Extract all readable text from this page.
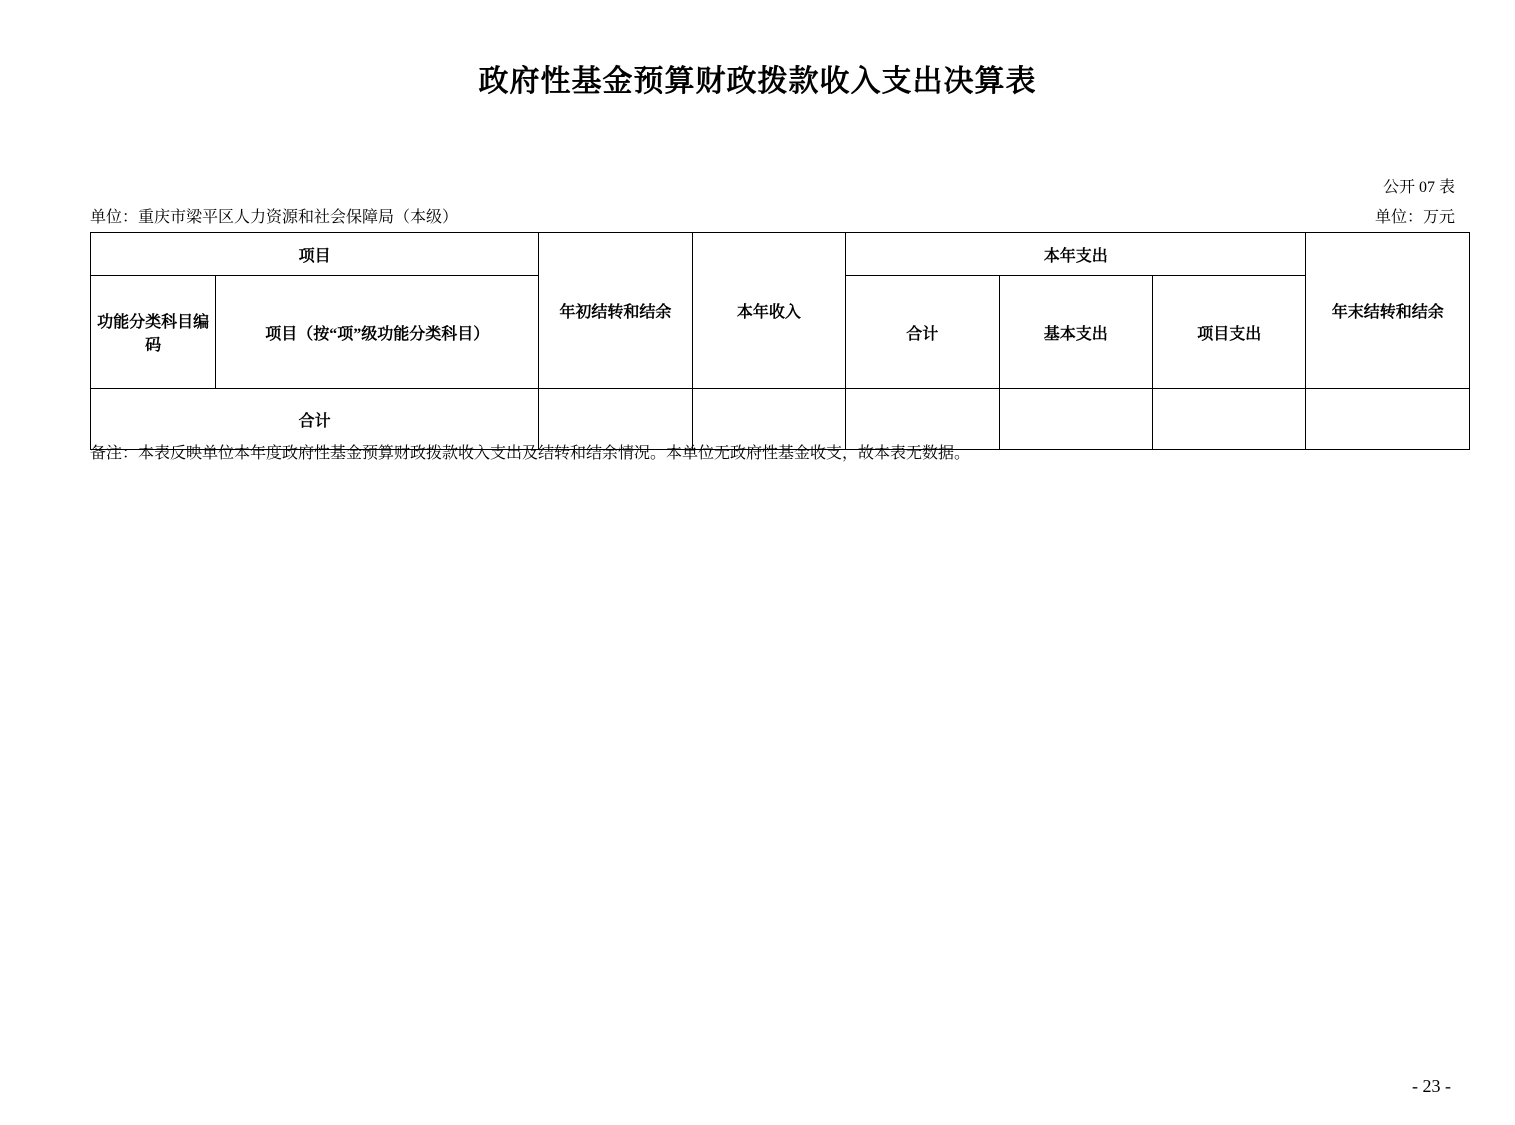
政府性基金预算财政拨款收入支出决算表
公开 07 表
单位：重庆市梁平区人力资源和社会保障局（本级）	单位：万元
项目		年初结转和结余	本年收入	本年支出			年末结转和结余
功能分类科目编码	项目（按“项”级功能分类科目）			合计	基本支出	项目支出	
合计							
备注：本表反映单位本年度政府性基金预算财政拨款收入支出及结转和结余情况。本单位无政府性基金收支，故本表无数据。
- 23 -
